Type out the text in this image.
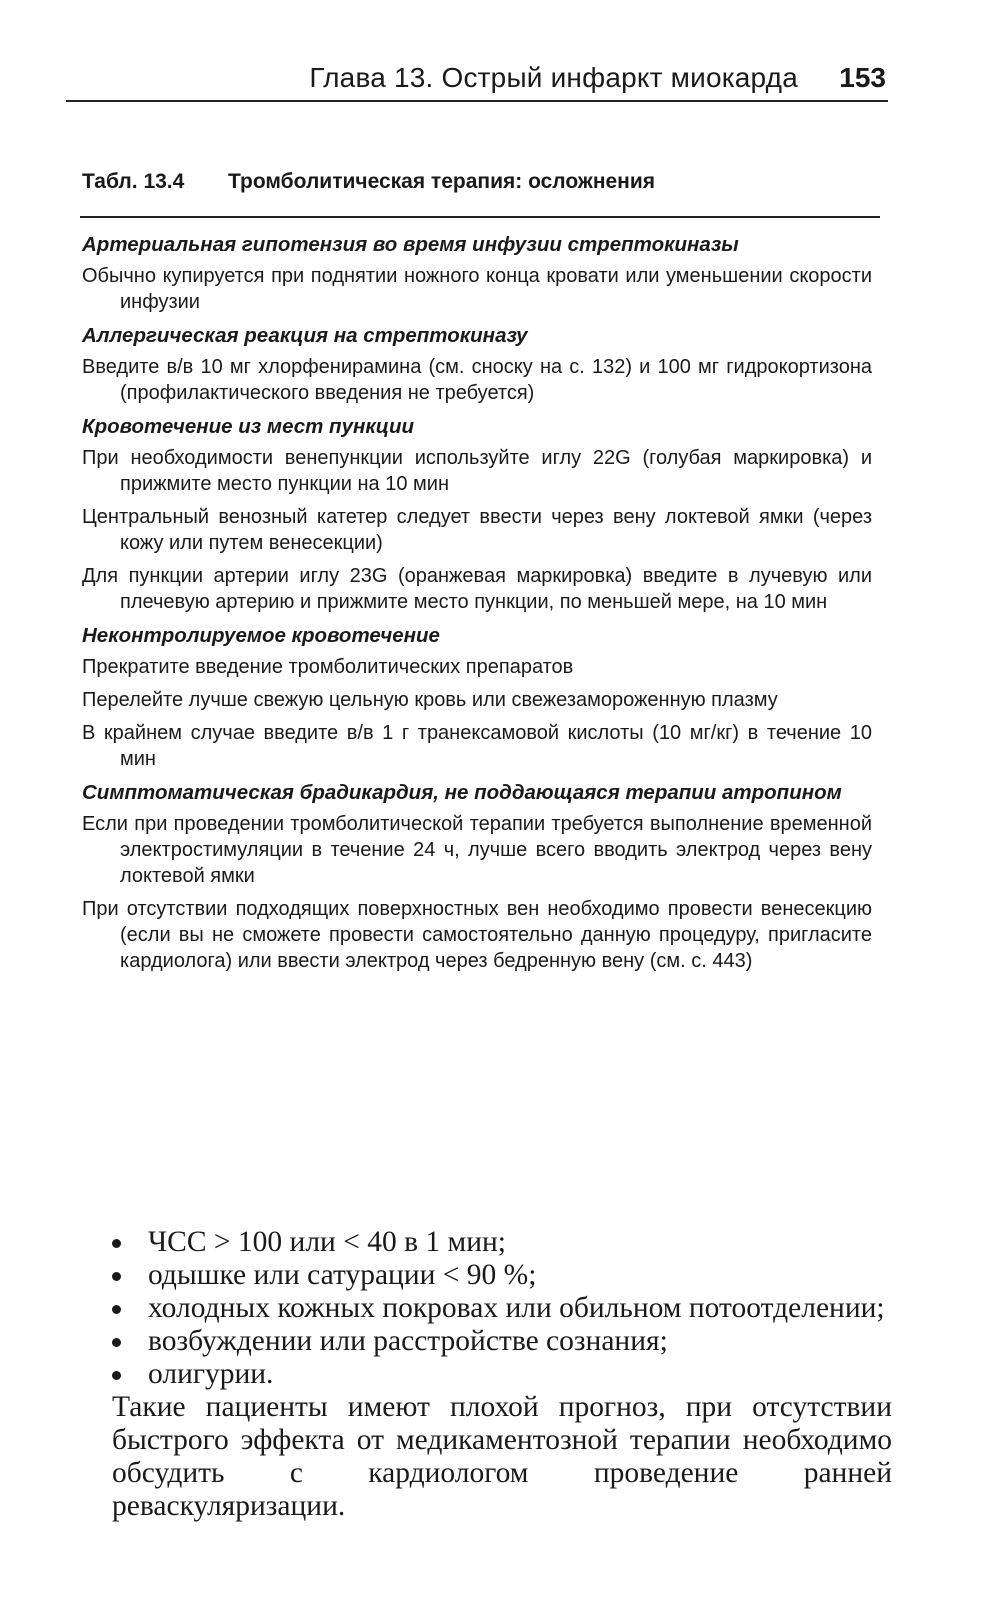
Глава 13. Острый инфаркт миокарда 153
Табл. 13.4 Тромболитическая терапия: осложнения
Артериальная гипотензия во время инфузии стрептокиназы
Обычно купируется при поднятии ножного конца кровати или уменьшении скорости инфузии
Аллергическая реакция на стрептокиназу
Введите в/в 10 мг хлорфенирамина (см. сноску на с. 132) и 100 мг гидрокортизона (профилактического введения не требуется)
Кровотечение из мест пункции
При необходимости венепункции используйте иглу 22G (голубая маркировка) и прижмите место пункции на 10 мин
Центральный венозный катетер следует ввести через вену локтевой ямки (через кожу или путем венесекции)
Для пункции артерии иглу 23G (оранжевая маркировка) введите в лучевую или плечевую артерию и прижмите место пункции, по меньшей мере, на 10 мин
Неконтролируемое кровотечение
Прекратите введение тромболитических препаратов
Перелейте лучше свежую цельную кровь или свежезамороженную плазму
В крайнем случае введите в/в 1 г транексамовой кислоты (10 мг/кг) в течение 10 мин
Симптоматическая брадикардия, не поддающаяся терапии атропином
Если при проведении тромболитической терапии требуется выполнение временной электростимуляции в течение 24 ч, лучше всего вводить электрод через вену локтевой ямки
При отсутствии подходящих поверхностных вен необходимо провести венесекцию (если вы не сможете провести самостоятельно данную процедуру, пригласите кардиолога) или ввести электрод через бедренную вену (см. с. 443)
ЧСС > 100 или < 40 в 1 мин;
одышке или сатурации < 90 %;
холодных кожных покровах или обильном потоотделении;
возбуждении или расстройстве сознания;
олигурии.

Такие пациенты имеют плохой прогноз, при отсутствии быстрого эффекта от медикаментозной терапии необходимо обсудить с кардиологом проведение ранней реваскуляризации.
